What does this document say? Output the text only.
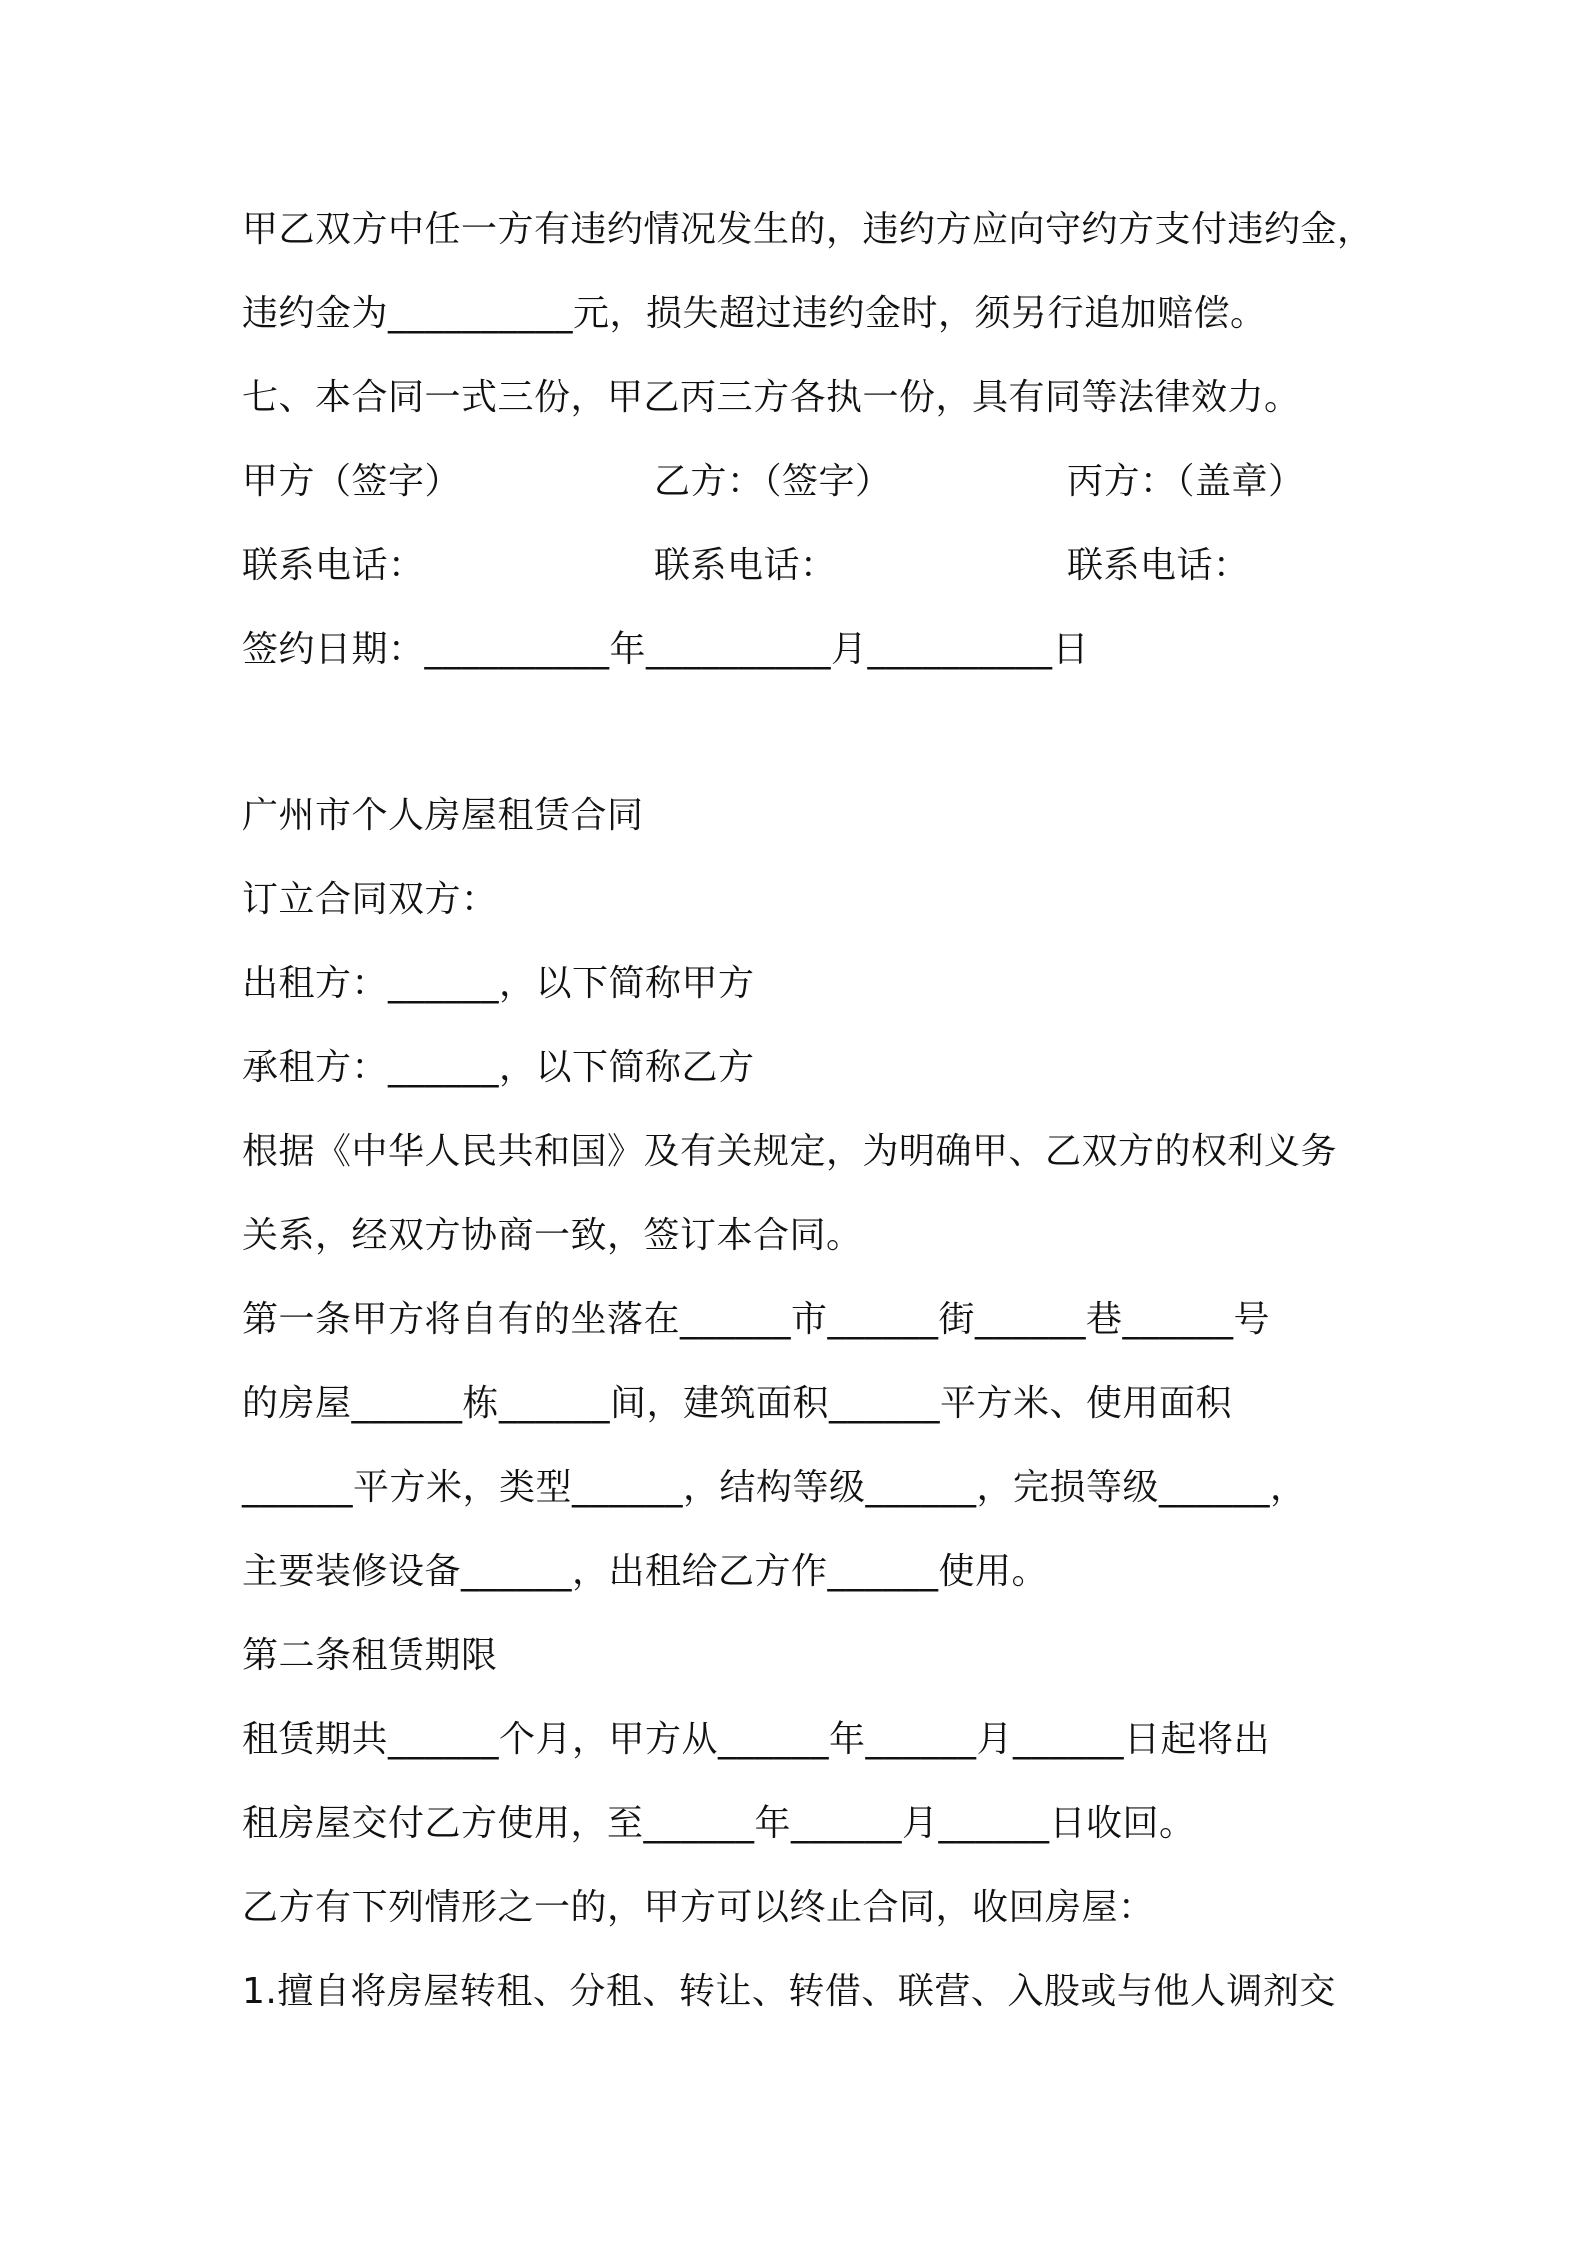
甲乙双方中任一方有违约情况发生的，违约方应向守约方支付违约金，
违约金为__________元，损失超过违约金时，须另行追加赔偿。
七、本合同一式三份，甲乙丙三方各执一份，具有同等法律效力。
甲方（签字）	乙方：（签字）	丙方：（盖章）
联系电话：	联系电话：	联系电话：
签约日期：__________年__________月__________日
广州市个人房屋租赁合同
订立合同双方：
出租方：______，以下简称甲方
承租方：______，以下简称乙方
根据《中华人民共和国》及有关规定，为明确甲、乙双方的权利义务
关系，经双方协商一致，签订本合同。
第一条甲方将自有的坐落在______市______街______巷______号
的房屋______栋______间，建筑面积______平方米、使用面积
______平方米，类型______，结构等级______，完损等级______，
主要装修设备______，出租给乙方作______使用。
第二条租赁期限
租赁期共______个月，甲方从______年______月______日起将出
租房屋交付乙方使用，至______年______月______日收回。
乙方有下列情形之一的，甲方可以终止合同，收回房屋：
1.擅自将房屋转租、分租、转让、转借、联营、入股或与他人调剂交
